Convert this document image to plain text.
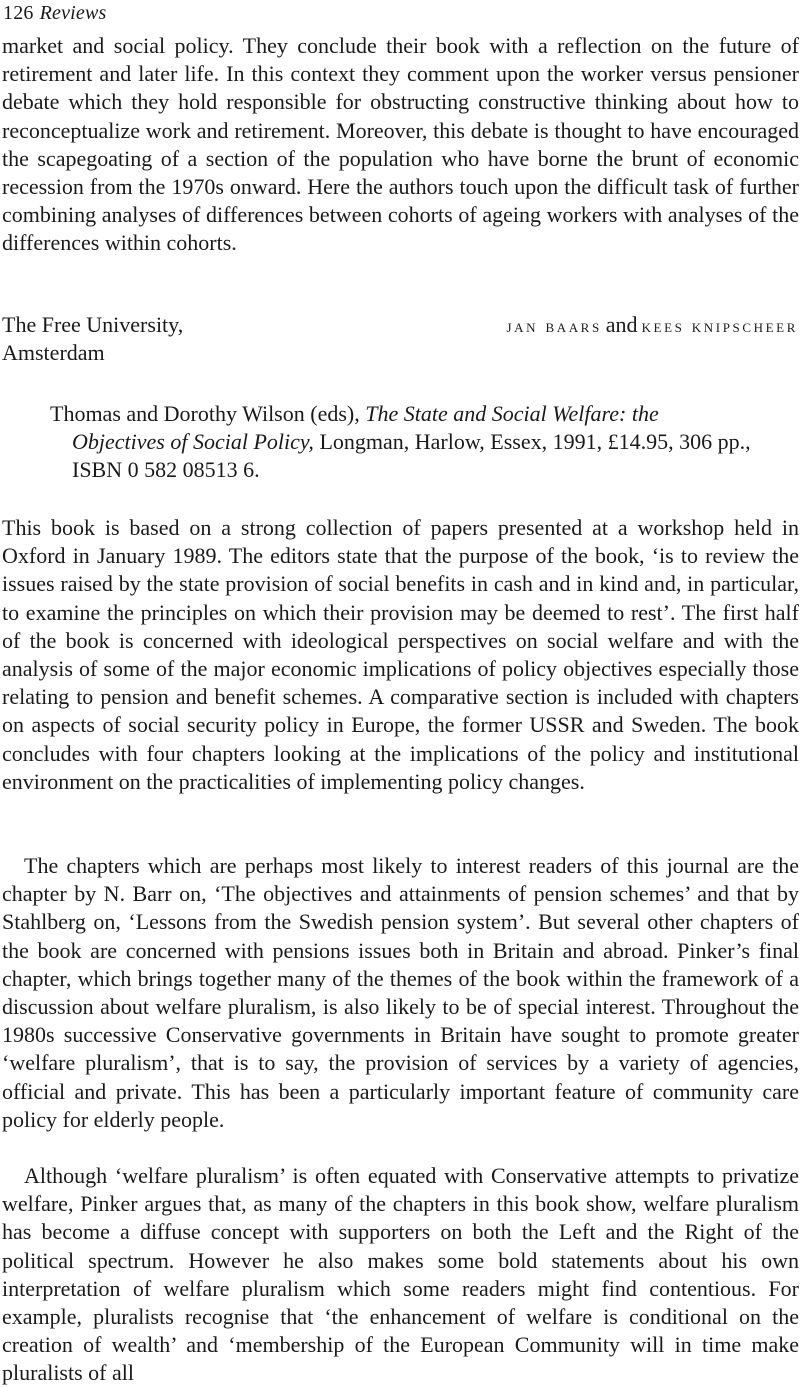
126 Reviews

market and social policy. They conclude their book with a reflection on the future of retirement and later life. In this context they comment upon the worker versus pensioner debate which they hold responsible for obstructing constructive thinking about how to reconceptualize work and retirement. Moreover, this debate is thought to have encouraged the scapegoating of a section of the population who have borne the brunt of economic recession from the 1970s onward. Here the authors touch upon the difficult task of further combining analyses of differences between cohorts of ageing workers with analyses of the differences within cohorts.

The Free University,
Amsterdam
jan baars and kees knipscheer

Thomas and Dorothy Wilson (eds), The State and Social Welfare: the Objectives of Social Policy, Longman, Harlow, Essex, 1991, £14.95, 306 pp., ISBN 0 582 08513 6.

This book is based on a strong collection of papers presented at a workshop held in Oxford in January 1989. The editors state that the purpose of the book, ‘is to review the issues raised by the state provision of social benefits in cash and in kind and, in particular, to examine the principles on which their provision may be deemed to rest’. The first half of the book is concerned with ideological perspectives on social welfare and with the analysis of some of the major economic implications of policy objectives especially those relating to pension and benefit schemes. A comparative section is included with chapters on aspects of social security policy in Europe, the former USSR and Sweden. The book concludes with four chapters looking at the implications of the policy and institutional environment on the practicalities of implementing policy changes.

The chapters which are perhaps most likely to interest readers of this journal are the chapter by N. Barr on, ‘The objectives and attainments of pension schemes’ and that by Stahlberg on, ‘Lessons from the Swedish pension system’. But several other chapters of the book are concerned with pensions issues both in Britain and abroad. Pinker’s final chapter, which brings together many of the themes of the book within the framework of a discussion about welfare pluralism, is also likely to be of special interest. Throughout the 1980s successive Conservative governments in Britain have sought to promote greater ‘welfare pluralism’, that is to say, the provision of services by a variety of agencies, official and private. This has been a particularly important feature of community care policy for elderly people.

Although ‘welfare pluralism’ is often equated with Conservative attempts to privatize welfare, Pinker argues that, as many of the chapters in this book show, welfare pluralism has become a diffuse concept with supporters on both the Left and the Right of the political spectrum. However he also makes some bold statements about his own interpretation of welfare pluralism which some readers might find contentious. For example, pluralists recognise that ‘the enhancement of welfare is conditional on the creation of wealth’ and ‘membership of the European Community will in time make pluralists of all
